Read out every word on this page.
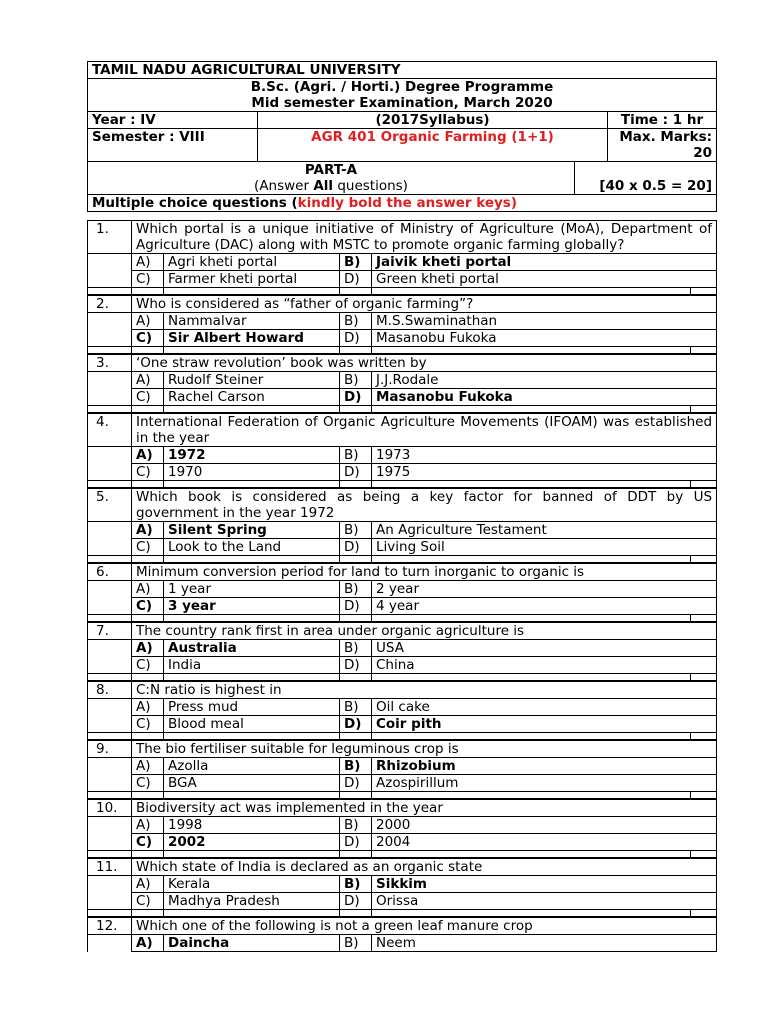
TAMIL NADU AGRICULTURAL UNIVERSITY		
B.Sc. (Agri. / Horti.) Degree Programme		
Mid semester Examination, March 2020		
Year : IV	(2017Syllabus)	Time : 1 hr
Semester : VIII	AGR 401 Organic Farming (1+1)	Max. Marks: 20
PART-A	
(Answer All questions)	[40 x 0.5 = 20]
Multiple choice questions (kindly bold the answer keys)	
1.	Which portal is a unique initiative of Ministry of Agriculture (MoA), Department of Agriculture (DAC) along with MSTC to promote organic farming globally?				
	A)	Agri kheti portal	B)	Jaivik kheti portal	
	C)	Farmer kheti portal	D)	Green kheti portal	

2.	Who is considered as “father of organic farming”?				
	A)	Nammalvar	B)	M.S.Swaminathan	
	C)	Sir Albert Howard	D)	Masanobu Fukoka	

3.	‘One straw revolution’ book was written by				
	A)	Rudolf Steiner	B)	J.J.Rodale	
	C)	Rachel Carson	D)	Masanobu Fukoka	

4.	International Federation of Organic Agriculture Movements (IFOAM) was established in the year				
	A)	1972	B)	1973	
	C)	1970	D)	1975	

5.	Which book is considered as being a key factor for banned of DDT by US government in the year 1972				
	A)	Silent Spring	B)	An Agriculture Testament	
	C)	Look to the Land	D)	Living Soil	

6.	Minimum conversion period for land to turn inorganic to organic is				
	A)	1 year	B)	2 year	
	C)	3 year	D)	4 year	

7.	The country rank first in area under organic agriculture is				
	A)	Australia	B)	USA	
	C)	India	D)	China	

8.	C:N ratio is highest in				
	A)	Press mud	B)	Oil cake	
	C)	Blood meal	D)	Coir pith	

9.	The bio fertiliser suitable for leguminous crop is				
	A)	Azolla	B)	Rhizobium	
	C)	BGA	D)	Azospirillum	

10.	Biodiversity act was implemented in the year				
	A)	1998	B)	2000	
	C)	2002	D)	2004	

11.	Which state of India is declared as an organic state				
	A)	Kerala	B)	Sikkim	
	C)	Madhya Pradesh	D)	Orissa	

12.	Which one of the following is not a green leaf manure crop			
	A)	Daincha	B)	Neem
